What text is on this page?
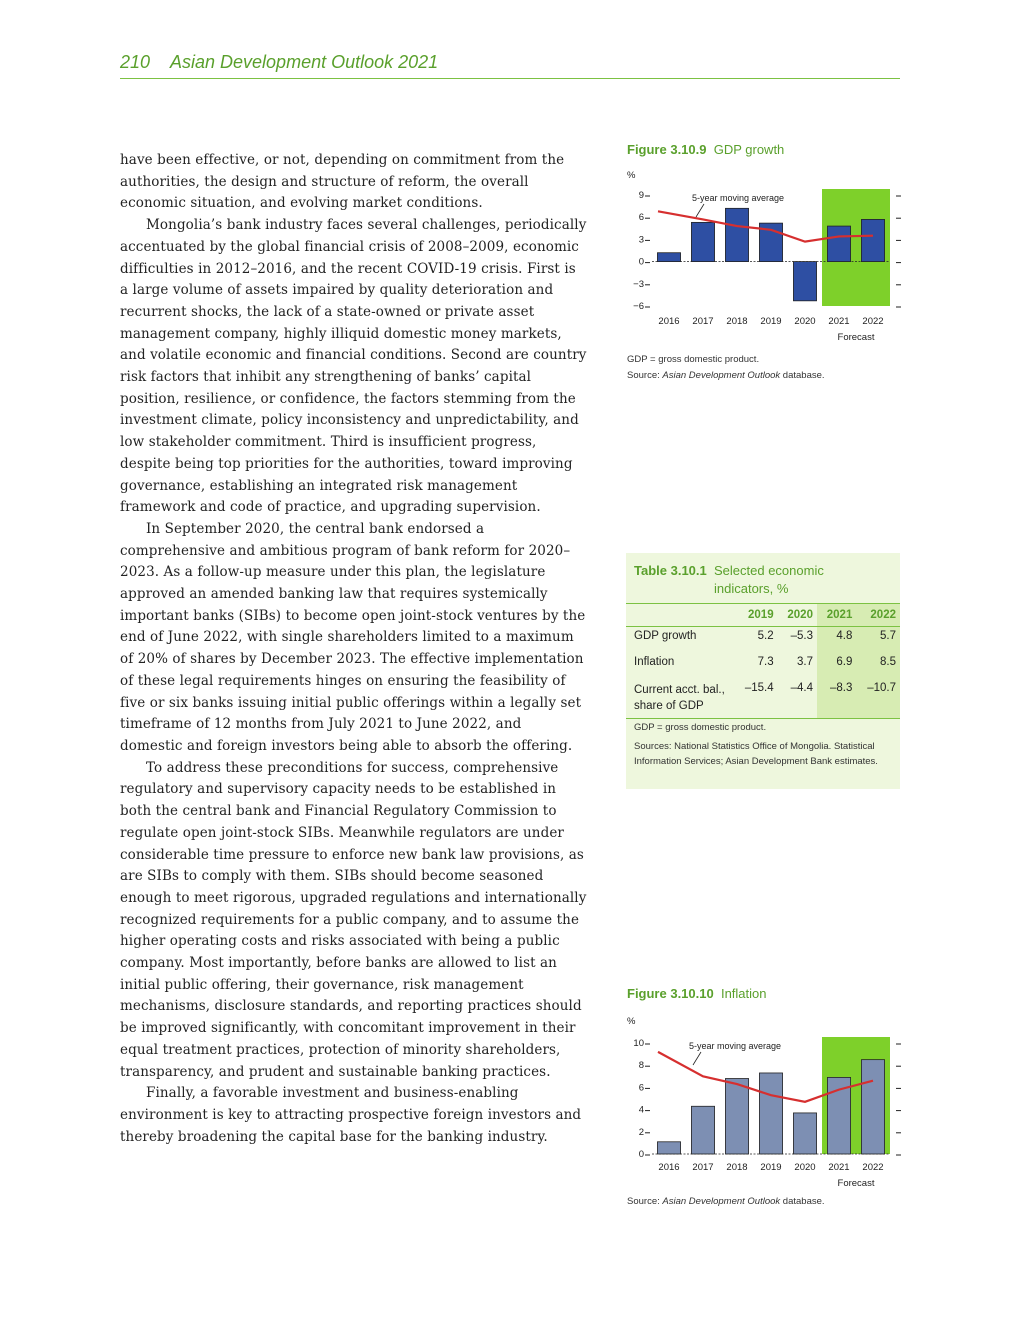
210 Asian Development Outlook 2021

have been effective, or not, depending on commitment from the authorities, the design and structure of reform, the overall economic situation, and evolving market conditions.

Mongolia’s bank industry faces several challenges, periodically accentuated by the global financial crisis of 2008–2009, economic difficulties in 2012–2016, and the recent COVID-19 crisis. First is a large volume of assets impaired by quality deterioration and recurrent shocks, the lack of a state-owned or private asset management company, highly illiquid domestic money markets, and volatile economic and financial conditions. Second are country risk factors that inhibit any strengthening of banks’ capital position, resilience, or confidence, the factors stemming from the investment climate, policy inconsistency and unpredictability, and low stakeholder commitment. Third is insufficient progress, despite being top priorities for the authorities, toward improving governance, establishing an integrated risk management framework and code of practice, and upgrading supervision.

In September 2020, the central bank endorsed a comprehensive and ambitious program of bank reform for 2020–2023. As a follow-up measure under this plan, the legislature approved an amended banking law that requires systemically important banks (SIBs) to become open joint-stock ventures by the end of June 2022, with single shareholders limited to a maximum of 20% of shares by December 2023. The effective implementation of these legal requirements hinges on ensuring the feasibility of five or six banks issuing initial public offerings within a legally set timeframe of 12 months from July 2021 to June 2022, and domestic and foreign investors being able to absorb the offering.

To address these preconditions for success, comprehensive regulatory and supervisory capacity needs to be established in both the central bank and Financial Regulatory Commission to regulate open joint-stock SIBs. Meanwhile regulators are under considerable time pressure to enforce new bank law provisions, as are SIBs to comply with them. SIBs should become seasoned enough to meet rigorous, upgraded regulations and internationally recognized requirements for a public company, and to assume the higher operating costs and risks associated with being a public company. Most importantly, before banks are allowed to list an initial public offering, their governance, risk management mechanisms, disclosure standards, and reporting practices should be improved significantly, with concomitant improvement in their equal treatment practices, protection of minority shareholders, transparency, and prudent and sustainable banking practices.

Finally, a favorable investment and business-enabling environment is key to attracting prospective foreign investors and thereby broadening the capital base for the banking industry.

Figure 3.10.9 GDP growth
%
9
6
3
0
−3
−6
5-year moving average
2016 2017 2018 2019 2020 2021 2022
Forecast
GDP = gross domestic product.
Source: Asian Development Outlook database.
Table 3.10.1 Selected economic indicators, %
	2019	2020	2021	2022
GDP growth	5.2	–5.3	4.8	5.7
Inflation	7.3	3.7	6.9	8.5
Current acct. bal., share of GDP	–15.4	–4.4	–8.3	–10.7
GDP = gross domestic product.
Sources: National Statistics Office of Mongolia. Statistical Information Services; Asian Development Bank estimates.
Figure 3.10.10 Inflation
%
10
8
6
4
2
0
5-year moving average
2016 2017 2018 2019 2020 2021 2022
Forecast
Source: Asian Development Outlook database.
